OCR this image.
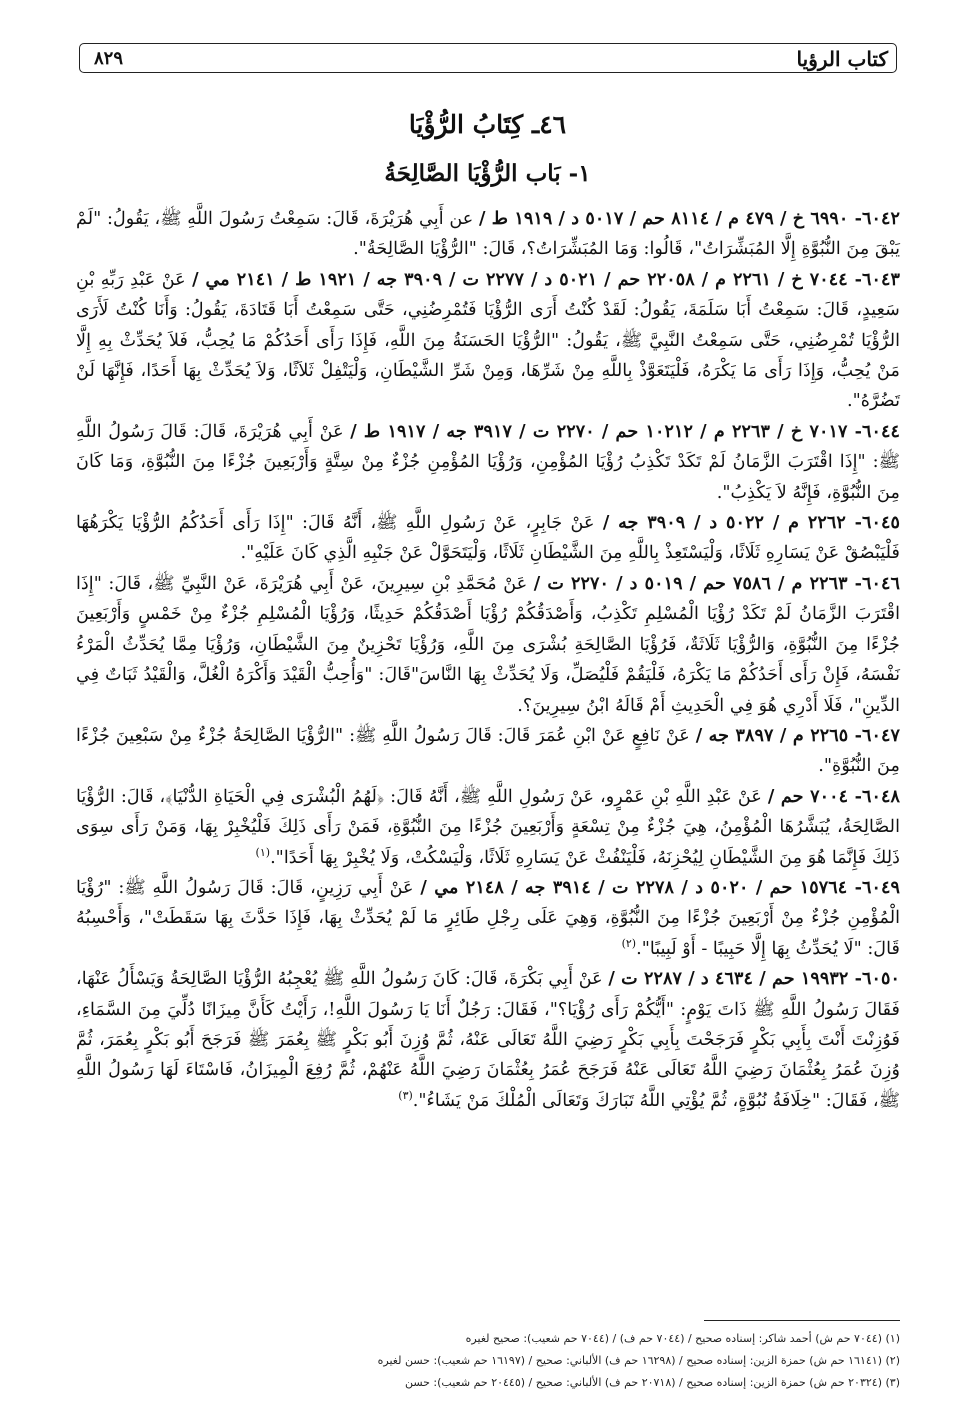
كتاب الرؤيا
٨٢٩
٤٦ـ كِتَابُ الرُّؤْيَا
١- بَاب الرُّؤْيَا الصَّالِحَةُ

٦٠٤٢- ٦٩٩٠ خ / ٤٧٩ م / ٨١١٤ حم / ٥٠١٧ د / ١٩١٩ ط / عن أَبِي هُرَيْرَةَ، قَالَ: سَمِعْتُ رَسُولَ اللَّهِ ﷺ، يَقُولُ: "لَمْ يَبْقَ مِنَ النُّبُوَّةِ إِلَّا المُبَشِّرَاتُ"، قَالُوا: وَمَا المُبَشِّرَاتُ؟، قَالَ: "الرُّؤْيَا الصَّالِحَةُ".

٦٠٤٣- ٧٠٤٤ خ / ٢٢٦١ م / ٢٢٠٥٨ حم / ٥٠٢١ د / ٢٢٧٧ ت / ٣٩٠٩ جه / ١٩٢١ ط / ٢١٤١ مي / عَنْ عَبْدِ رَبِّهِ بْنِ سَعِيدٍ، قَالَ: سَمِعْتُ أَبَا سَلَمَةَ، يَقُولُ: لَقَدْ كُنْتُ أَرَى الرُّؤْيَا فَتُمْرِضُنِي، حَتَّى سَمِعْتُ أَبَا قَتَادَةَ، يَقُولُ: وَأَنَا كُنْتُ لَأَرَى الرُّؤْيَا تُمْرِضُنِي، حَتَّى سَمِعْتُ النَّبِيَّ ﷺ، يَقُولُ: "الرُّؤْيَا الحَسَنَةُ مِنَ اللَّهِ، فَإِذَا رَأَى أَحَدُكُمْ مَا يُحِبُّ، فَلاَ يُحَدِّثْ بِهِ إِلَّا مَنْ يُحِبُّ، وَإِذَا رَأَى مَا يَكْرَهُ، فَلْيَتَعَوَّذْ بِاللَّهِ مِنْ شَرِّهَا، وَمِنْ شَرِّ الشَّيْطَانِ، وَلْيَتْفِلْ ثَلاَثًا، وَلاَ يُحَدِّثْ بِهَا أَحَدًا، فَإِنَّهَا لَنْ تَضُرَّهُ".

٦٠٤٤- ٧٠١٧ خ / ٢٢٦٣ م / ١٠٢١٢ حم / ٢٢٧٠ ت / ٣٩١٧ جه / ١٩١٧ ط / عَنْ أَبِي هُرَيْرَةَ، قَالَ: قَالَ رَسُولُ اللَّهِ ﷺ: "إِذَا اقْتَرَبَ الزَّمَانُ لَمْ تَكَدْ تَكْذِبُ رُؤْيَا المُؤْمِنِ، وَرُؤْيَا المُؤْمِنِ جُزْءٌ مِنْ سِتَّةٍ وَأَرْبَعِينَ جُزْءًا مِنَ النُّبُوَّةِ، وَمَا كَانَ مِنَ النُّبُوَّةِ، فَإِنَّهُ لاَ يَكْذِبُ".

٦٠٤٥- ٢٢٦٢ م / ٥٠٢٢ د / ٣٩٠٩ جه / عَنْ جَابِرٍ، عَنْ رَسُولِ اللَّهِ ﷺ، أَنَّهُ قَالَ: "إِذَا رَأَى أَحَدُكُمُ الرُّؤْيَا يَكْرَهُهَا فَلْيَبْصُقْ عَنْ يَسَارِهِ ثَلَاثًا، وَلْيَسْتَعِذْ بِاللَّهِ مِنَ الشَّيْطَانِ ثَلَاثًا، وَلْيَتَحَوَّلْ عَنْ جَنْبِهِ الَّذِي كَانَ عَلَيْهِ".

٦٠٤٦- ٢٢٦٣ م / ٧٥٨٦ حم / ٥٠١٩ د / ٢٢٧٠ ت / عَنْ مُحَمَّدِ بْنِ سِيرِينَ، عَنْ أَبِي هُرَيْرَةَ، عَنْ النَّبِيِّ ﷺ، قَالَ: "إِذَا اقْتَرَبَ الزَّمَانُ لَمْ تَكَدْ رُؤْيَا الْمُسْلِمِ تَكْذِبُ، وَأَصْدَقُكُمْ رُؤْيَا أَصْدَقُكُمْ حَدِيثًا، وَرُؤْيَا الْمُسْلِمِ جُزْءٌ مِنْ خَمْسٍ وَأَرْبَعِينَ جُزْءًا مِنَ النُّبُوَّةِ، وَالرُّؤْيَا ثَلَاثَةٌ، فَرُؤْيَا الصَّالِحَةِ بُشْرَى مِنَ اللَّهِ، وَرُؤْيَا تَحْزِينٌ مِنَ الشَّيْطَانِ، وَرُؤْيَا مِمَّا يُحَدِّثُ الْمَرْءُ نَفْسَهُ، فَإِنْ رَأَى أَحَدُكُمْ مَا يَكْرَهُ، فَلْيَقُمْ فَلْيُصَلِّ، وَلَا يُحَدِّثْ بِهَا النَّاسَ"قَالَ: "وَأُحِبُّ الْقَيْدَ وَأَكْرَهُ الْغُلَّ، وَالْقَيْدُ ثَبَاتٌ فِي الدِّينِ"، فَلَا أَدْرِي هُوَ فِي الْحَدِيثِ أَمْ قَالَهُ ابْنُ سِيرِينَ؟.

٦٠٤٧- ٢٢٦٥ م / ٣٨٩٧ جه / عَنْ نَافِعٍ عَنْ ابْنِ عُمَرَ قَالَ: قَالَ رَسُولُ اللَّهِ ﷺ: "الرُّؤْيَا الصَّالِحَةُ جُزْءٌ مِنْ سَبْعِينَ جُزْءًا مِنَ النُّبُوَّةِ".

٦٠٤٨- ٧٠٠٤ حم / عَنْ عَبْدِ اللَّهِ بْنِ عَمْرٍو، عَنْ رَسُولِ اللَّهِ ﷺ، أَنَّهُ قَالَ: ﴿لَهُمُ الْبُشْرَى فِي الْحَيَاةِ الدُّنْيَا﴾، قَالَ: الرُّؤْيَا الصَّالِحَةُ، يُبَشَّرُهَا الْمُؤْمِنُ، هِيَ جُزْءٌ مِنْ تِسْعَةٍ وَأَرْبَعِينَ جُزْءًا مِنَ النُّبُوَّةِ، فَمَنْ رَأَى ذَلِكَ فَلْيُخْبِرْ بِهَا، وَمَنْ رَأَى سِوَى ذَلِكَ فَإِنَّمَا هُوَ مِنَ الشَّيْطَانِ لِيُحْزِنَهُ، فَلْيَنْفُثْ عَنْ يَسَارِهِ ثَلَاثًا، وَلْيَسْكُتْ، وَلَا يُخْبِرْ بِهَا أَحَدًا".$^{(١)}$

٦٠٤٩- ١٥٧٦٤ حم / ٥٠٢٠ د / ٢٢٧٨ ت / ٣٩١٤ جه / ٢١٤٨ مي / عَنْ أَبِي رَزِينٍ، قَالَ: قَالَ رَسُولُ اللَّهِ ﷺ: "رُؤْيَا الْمُؤْمِنِ جُزْءٌ مِنْ أَرْبَعِينَ جُزْءًا مِنَ النُّبُوَّةِ، وَهِيَ عَلَى رِجْلِ طَائِرٍ مَا لَمْ يُحَدِّثْ بِهَا، فَإِذَا حَدَّثَ بِهَا سَقَطَتْ"، وَأَحْسِبُهُ قَالَ: "لَا يُحَدِّثُ بِهَا إِلَّا حَبِيبًا - أَوْ لَبِيبًا".$^{(٢)}$

٦٠٥٠- ١٩٩٣٢ حم / ٤٦٣٤ د / ٢٢٨٧ ت / عَنْ أَبِي بَكْرَةَ، قَالَ: كَانَ رَسُولُ اللَّهِ ﷺ يُعْجِبُهُ الرُّؤْيَا الصَّالِحَةُ وَيَسْأَلُ عَنْهَا، فَقَالَ رَسُولُ اللَّهِ ﷺ ذَاتَ يَوْمٍ: "أَيُّكُمْ رَأَى رُؤْيَا؟"، فَقَالَ: رَجُلٌ أَنَا يَا رَسُولَ اللَّهِ!، رَأَيْتُ كَأَنَّ مِيزَانًا دُلِّيَ مِنَ السَّمَاءِ، فَوُزِنْتَ أَنْتَ بِأَبِي بَكْرٍ فَرَجَحْتَ بِأَبِي بَكْرٍ رَضِيَ اللَّهُ تَعَالَى عَنْهُ، ثُمَّ وُزِنَ أَبُو بَكْرٍ ﷺ بِعُمَرَ ﷺ فَرَجَحَ أَبُو بَكْرٍ بِعُمَرَ، ثُمَّ وُزِنَ عُمَرُ بِعُثْمَانَ رَضِيَ اللَّهُ تَعَالَى عَنْهُ فَرَجَحَ عُمَرُ بِعُثْمَانَ رَضِيَ اللَّهُ عَنْهُمْ، ثُمَّ رُفِعَ الْمِيزَانُ، فَاسْتَاءَ لَهَا رَسُولُ اللَّهِ ﷺ، فَقَالَ: "خِلَافَةُ نُبُوَّةٍ، ثُمَّ يُؤْتِي اللَّهُ تَبَارَكَ وَتَعَالَى الْمُلْكَ مَنْ يَشَاءُ".$^{(٣)}$

(١) (٧٠٤٤ حم ش) أحمد شاكر: إسناده صحيح / (٧٠٤٤ حم ف) / (٧٠٤٤ حم شعيب): صحيح لغيره

(٢) (١٦١٤١ حم ش) حمزة الزين: إسناده صحيح / (١٦٢٩٨ حم ف) الألباني: صحيح / (١٦١٩٧ حم شعيب): حسن لغيره

(٣) (٢٠٣٢٤ حم ش) حمزة الزين: إسناده صحيح / (٢٠٧١٨ حم ف) الألباني: صحيح / (٢٠٤٤٥ حم شعيب): حسن
